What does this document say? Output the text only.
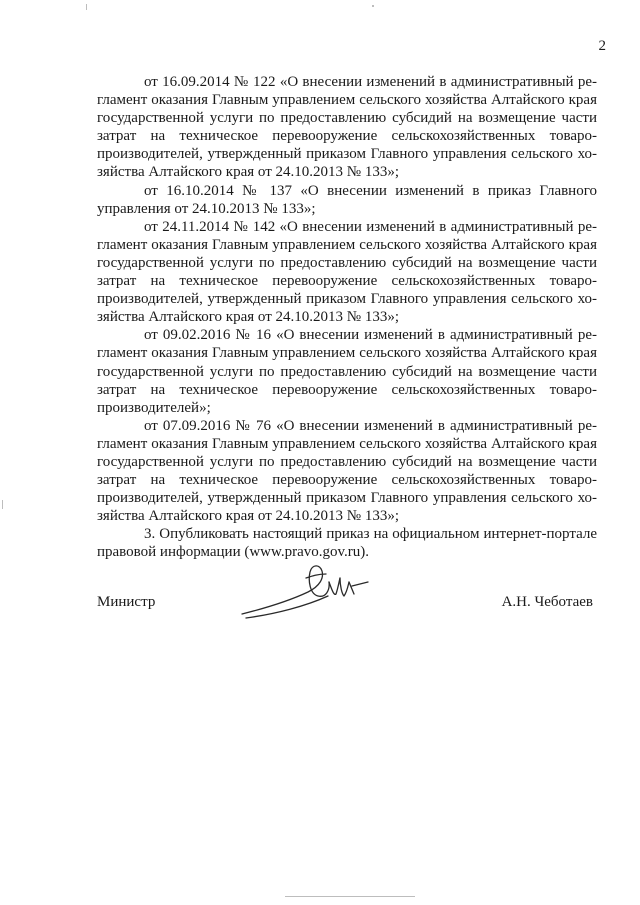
2

от 16.09.2014 № 122 «О внесении изменений в административный регламент оказания Главным управлением сельского хозяйства Алтайского края государственной услуги по предоставлению субсидий на возмещение части затрат на техническое перевооружение сельскохозяйственных товаропроизводителей, утвержденный приказом Главного управления сельского хозяйства Алтайского края от 24.10.2013 № 133»;

от 16.10.2014 № 137 «О внесении изменений в приказ Главного управления от 24.10.2013 № 133»;

от 24.11.2014 № 142 «О внесении изменений в административный регламент оказания Главным управлением сельского хозяйства Алтайского края государственной услуги по предоставлению субсидий на возмещение части затрат на техническое перевооружение сельскохозяйственных товаропроизводителей, утвержденный приказом Главного управления сельского хозяйства Алтайского края от 24.10.2013 № 133»;

от 09.02.2016 № 16 «О внесении изменений в административный регламент оказания Главным управлением сельского хозяйства Алтайского края государственной услуги по предоставлению субсидий на возмещение части затрат на техническое перевооружение сельскохозяйственных товаропроизводителей»;

от 07.09.2016 № 76 «О внесении изменений в административный регламент оказания Главным управлением сельского хозяйства Алтайского края государственной услуги по предоставлению субсидий на возмещение части затрат на техническое перевооружение сельскохозяйственных товаропроизводителей, утвержденный приказом Главного управления сельского хозяйства Алтайского края от 24.10.2013 № 133»;

3. Опубликовать настоящий приказ на официальном интернет-портале правовой информации (www.pravo.gov.ru).

Министр	А.Н. Чеботаев
